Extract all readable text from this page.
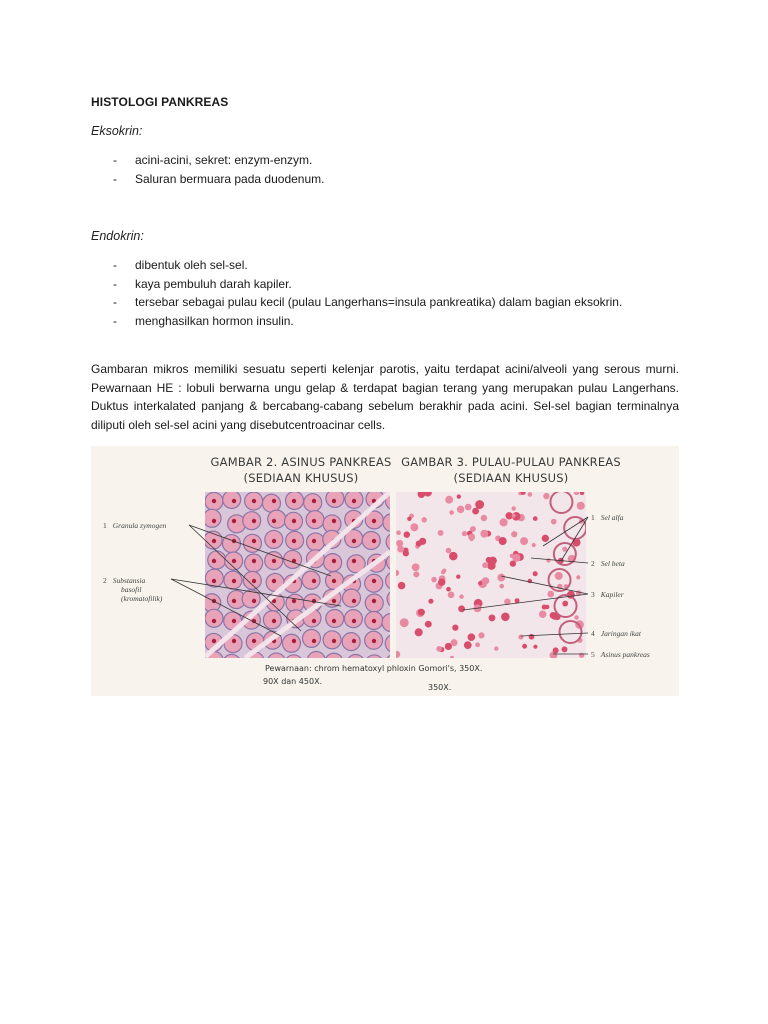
HISTOLOGI PANKREAS
Eksokrin:
-	acini-acini, sekret: enzym-enzym.
-	Saluran bermuara pada duodenum.
Endokrin:
-	dibentuk oleh sel-sel.
-	kaya pembuluh darah kapiler.
-	tersebar sebagai pulau kecil (pulau Langerhans=insula pankreatika) dalam bagian eksokrin.
-	menghasilkan hormon insulin.

Gambaran mikros memiliki sesuatu seperti kelenjar parotis, yaitu terdapat acini/alveoli yang serous murni. Pewarnaan HE : lobuli berwarna ungu gelap & terdapat bagian terang yang merupakan pulau Langerhans. Duktus interkalated panjang & bercabang-cabang sebelum berakhir pada acini. Sel-sel bagian terminalnya diliputi oleh sel-sel acini yang disebutcentroacinar cells.

GAMBAR 2. ASINUS PANKREAS
(SEDIAAN KHUSUS)
GAMBAR 3. PULAU-PULAU PANKREAS
(SEDIAAN KHUSUS)
1 Granula zymogen
2 Substansia
basofil
(kromatofilik)
1 Sel alfa
2 Sel beta
3 Kapiler
4 Jaringan ikat
5 Asinus pankreas
Pewarnaan: chrom hematoxyl phloxin Gomori's, 350X.
90X dan 450X.
350X.
